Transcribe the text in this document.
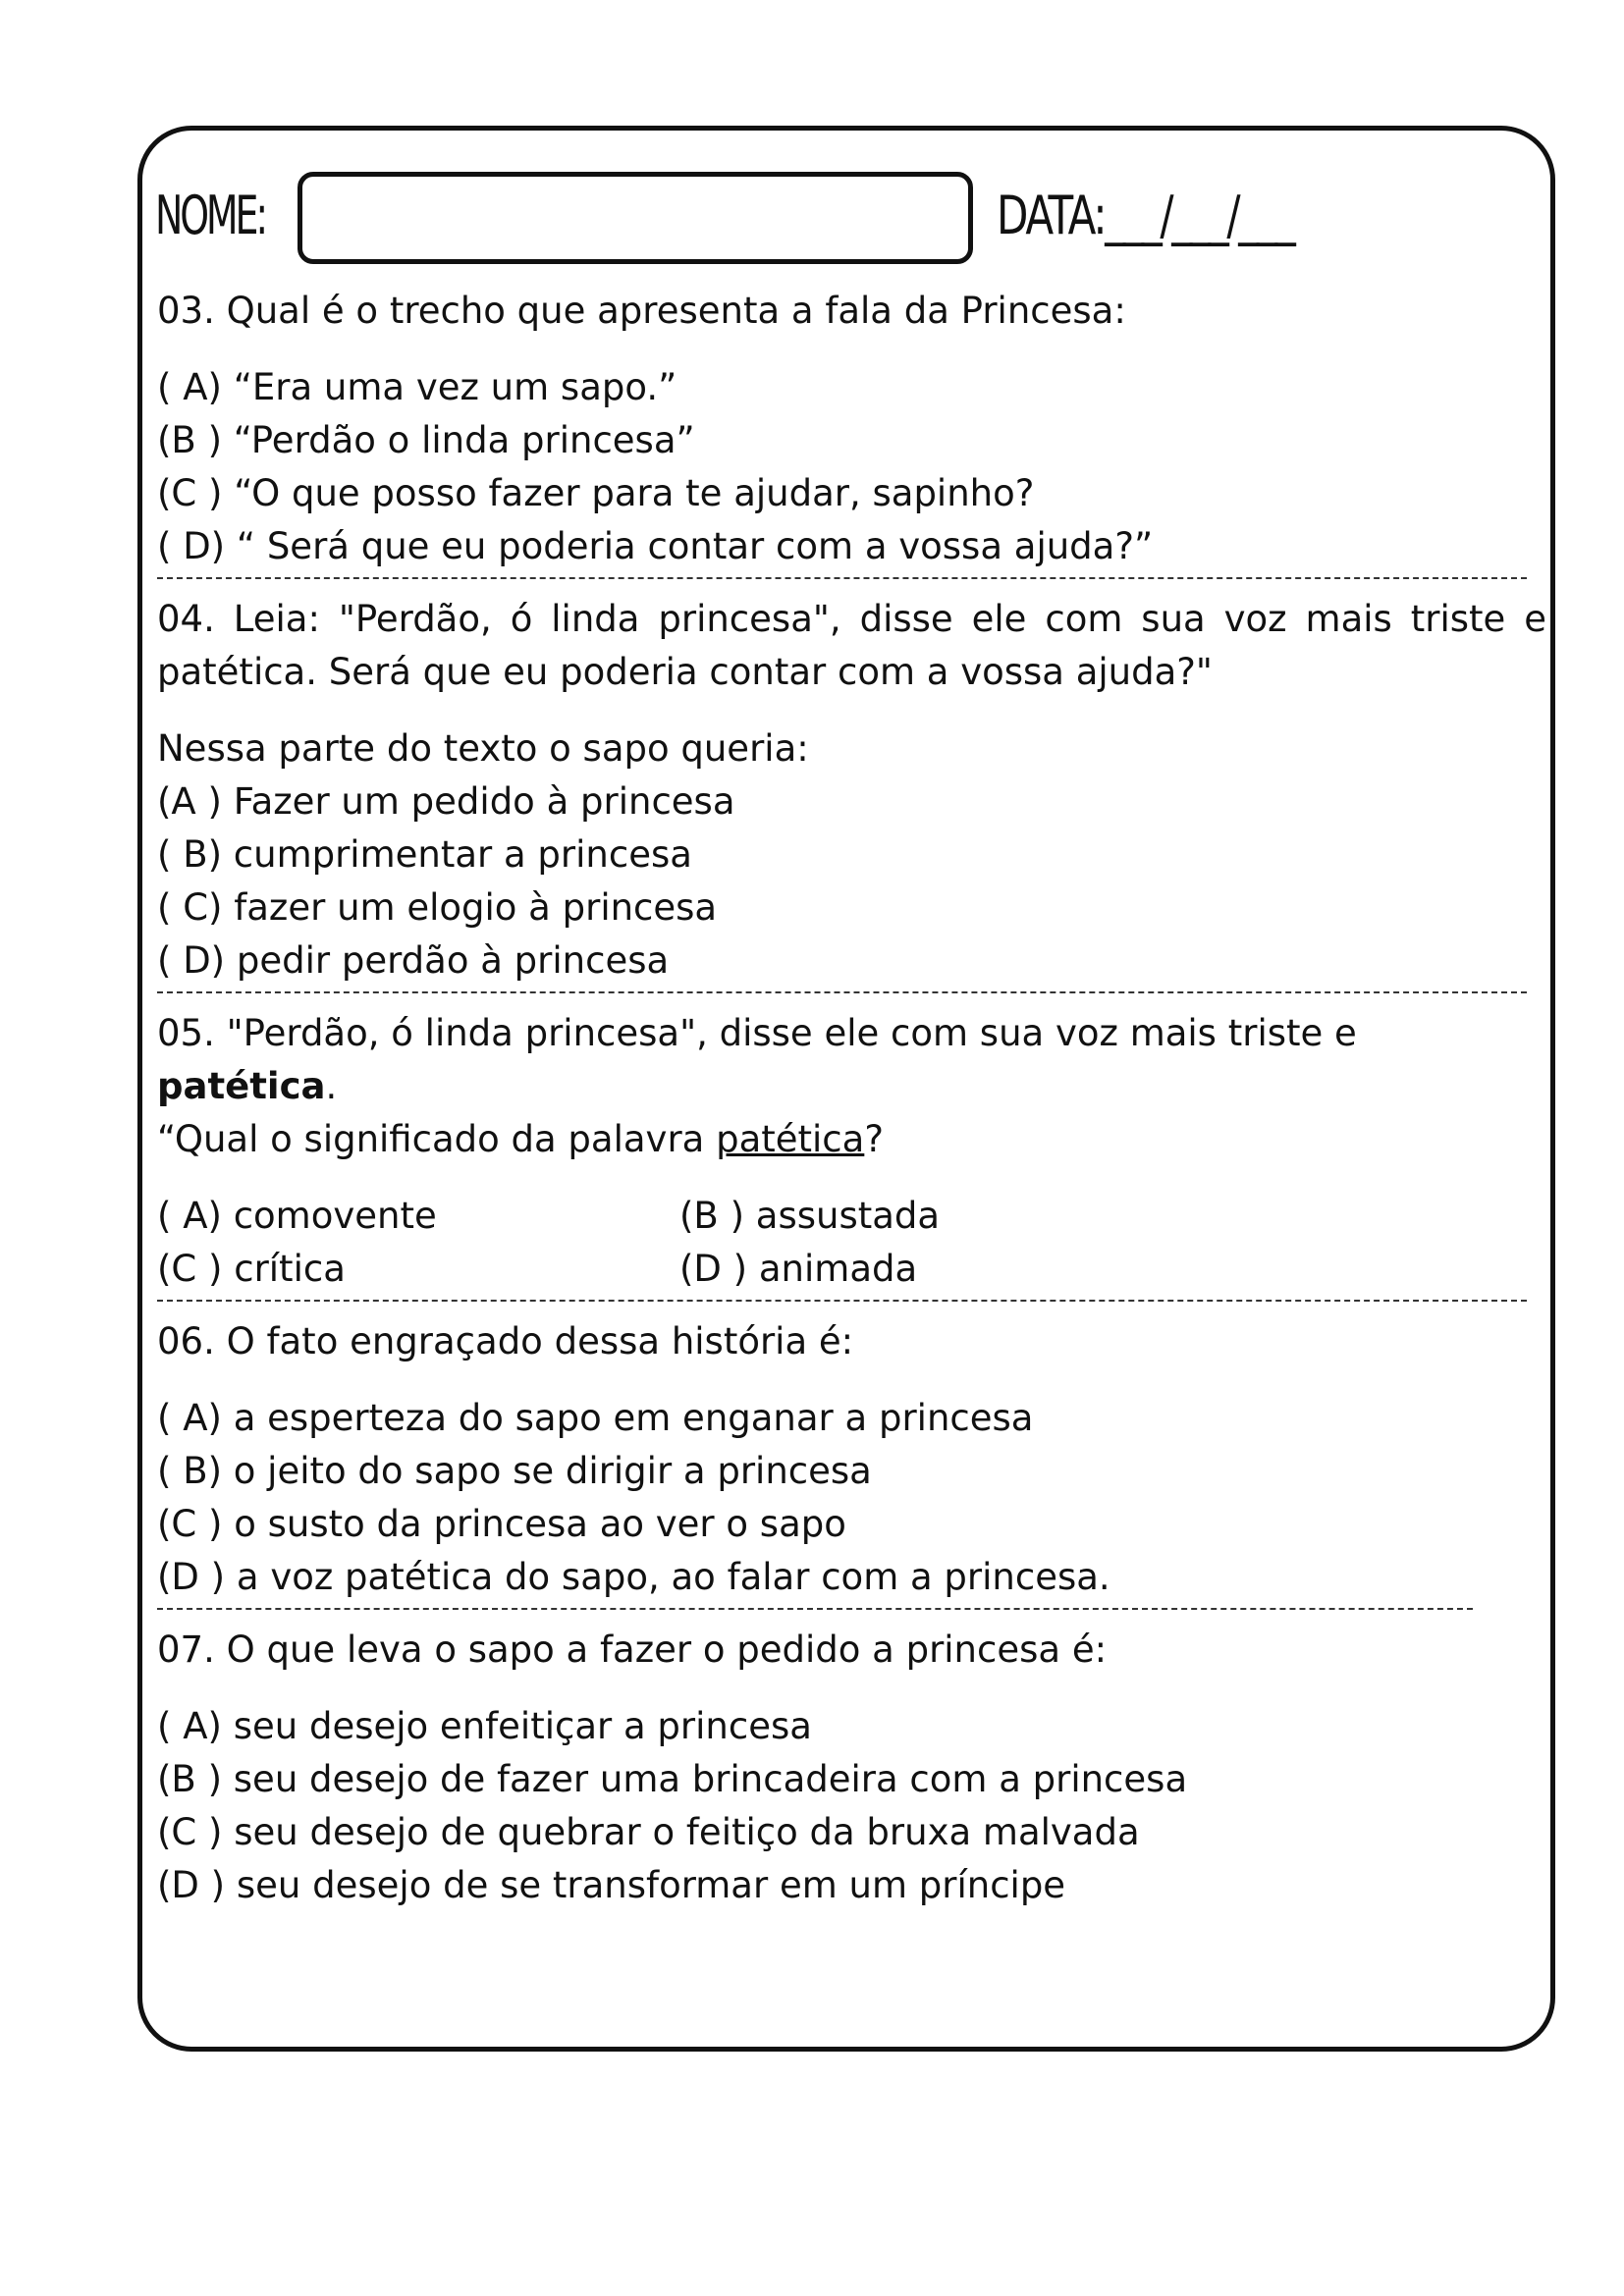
NOME:	DATA:___/___/___

03. Qual é o trecho que apresenta a fala da Princesa:

( A) “Era uma vez um sapo.”

(B ) “Perdão o linda princesa”

(C ) “O que posso fazer para te ajudar, sapinho?

( D) “ Será que eu poderia contar com a vossa ajuda?”

04. Leia: "Perdão, ó linda princesa", disse ele com sua voz mais triste e patética. Será que eu poderia contar com a vossa ajuda?"

Nessa parte do texto o sapo queria:

(A ) Fazer um pedido à princesa

( B) cumprimentar a princesa

( C) fazer um elogio à princesa

( D) pedir perdão à princesa

05. "Perdão, ó linda princesa", disse ele com sua voz mais triste e patética.

“Qual o significado da palavra patética?

( A) comovente	(B ) assustada

(C ) crítica	(D ) animada

06. O fato engraçado dessa história é:

( A) a esperteza do sapo em enganar a princesa

( B) o jeito do sapo se dirigir a princesa

(C ) o susto da princesa ao ver o sapo

(D ) a voz patética do sapo, ao falar com a princesa.

07. O que leva o sapo a fazer o pedido a princesa é:

( A) seu desejo enfeitiçar a princesa

(B ) seu desejo de fazer uma brincadeira com a princesa

(C ) seu desejo de quebrar o feitiço da bruxa malvada

(D ) seu desejo de se transformar em um príncipe
